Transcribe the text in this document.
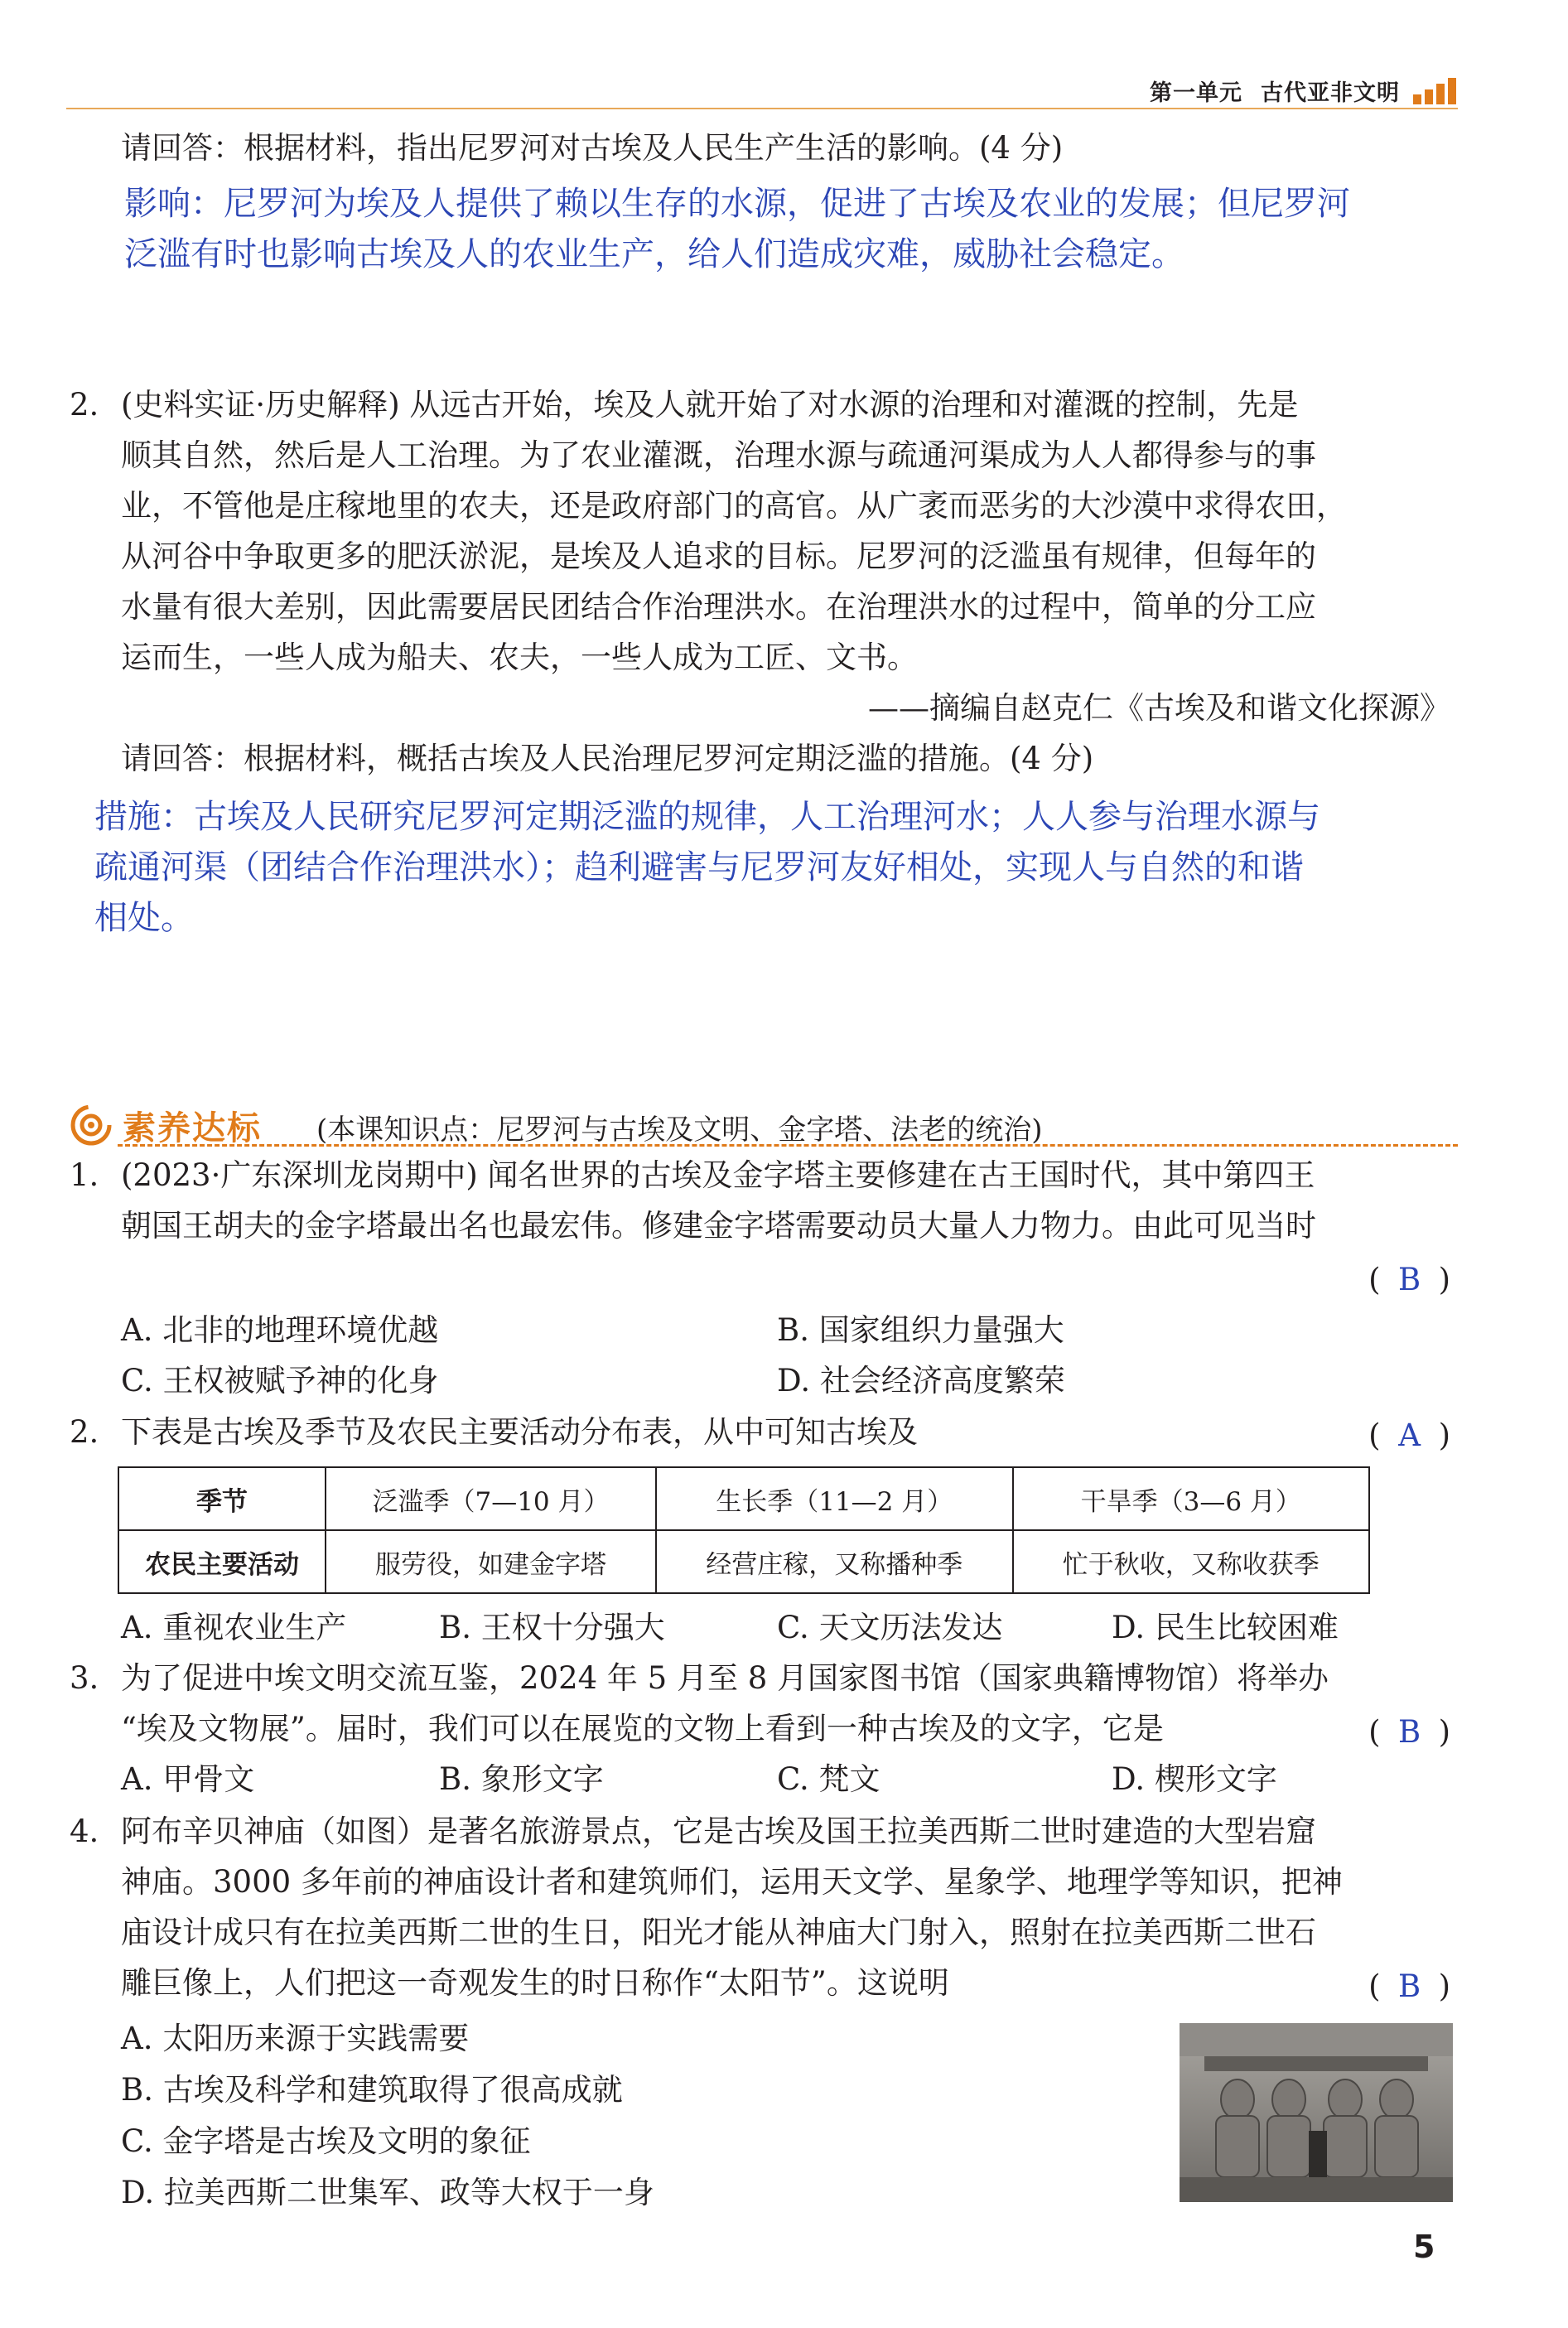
第一单元 古代亚非文明
请回答：根据材料，指出尼罗河对古埃及人民生产生活的影响。(4 分)
影响：尼罗河为埃及人提供了赖以生存的水源，促进了古埃及农业的发展；但尼罗河
泛滥有时也影响古埃及人的农业生产，给人们造成灾难，威胁社会稳定。
2. (史料实证·历史解释) 从远古开始，埃及人就开始了对水源的治理和对灌溉的控制，先是
顺其自然，然后是人工治理。为了农业灌溉，治理水源与疏通河渠成为人人都得参与的事
业，不管他是庄稼地里的农夫，还是政府部门的高官。从广袤而恶劣的大沙漠中求得农田，
从河谷中争取更多的肥沃淤泥，是埃及人追求的目标。尼罗河的泛滥虽有规律，但每年的
水量有很大差别，因此需要居民团结合作治理洪水。在治理洪水的过程中，简单的分工应
运而生，一些人成为船夫、农夫，一些人成为工匠、文书。
——摘编自赵克仁《古埃及和谐文化探源》
请回答：根据材料，概括古埃及人民治理尼罗河定期泛滥的措施。(4 分)
措施：古埃及人民研究尼罗河定期泛滥的规律，人工治理河水；人人参与治理水源与
疏通河渠（团结合作治理洪水）；趋利避害与尼罗河友好相处，实现人与自然的和谐
相处。
素养达标 (本课知识点：尼罗河与古埃及文明、金字塔、法老的统治)
1. (2023·广东深圳龙岗期中) 闻名世界的古埃及金字塔主要修建在古王国时代，其中第四王
朝国王胡夫的金字塔最出名也最宏伟。修建金字塔需要动员大量人力物力。由此可见当时
( B )
A. 北非的地理环境优越	B. 国家组织力量强大
C. 王权被赋予神的化身	D. 社会经济高度繁荣
2. 下表是古埃及季节及农民主要活动分布表，从中可知古埃及	( A )
季节	泛滥季（7—10 月）	生长季（11—2 月）	干旱季（3—6 月）
农民主要活动	服劳役，如建金字塔	经营庄稼，又称播种季	忙于秋收，又称收获季
A. 重视农业生产	B. 王权十分强大	C. 天文历法发达	D. 民生比较困难
3. 为了促进中埃文明交流互鉴，2024 年 5 月至 8 月国家图书馆（国家典籍博物馆）将举办
“埃及文物展”。届时，我们可以在展览的文物上看到一种古埃及的文字，它是	( B )
A. 甲骨文	B. 象形文字	C. 梵文	D. 楔形文字
4. 阿布辛贝神庙（如图）是著名旅游景点，它是古埃及国王拉美西斯二世时建造的大型岩窟
神庙。3000 多年前的神庙设计者和建筑师们，运用天文学、星象学、地理学等知识，把神
庙设计成只有在拉美西斯二世的生日，阳光才能从神庙大门射入，照射在拉美西斯二世石
雕巨像上，人们把这一奇观发生的时日称作“太阳节”。这说明	( B )
A. 太阳历来源于实践需要
B. 古埃及科学和建筑取得了很高成就
C. 金字塔是古埃及文明的象征
D. 拉美西斯二世集军、政等大权于一身
5
